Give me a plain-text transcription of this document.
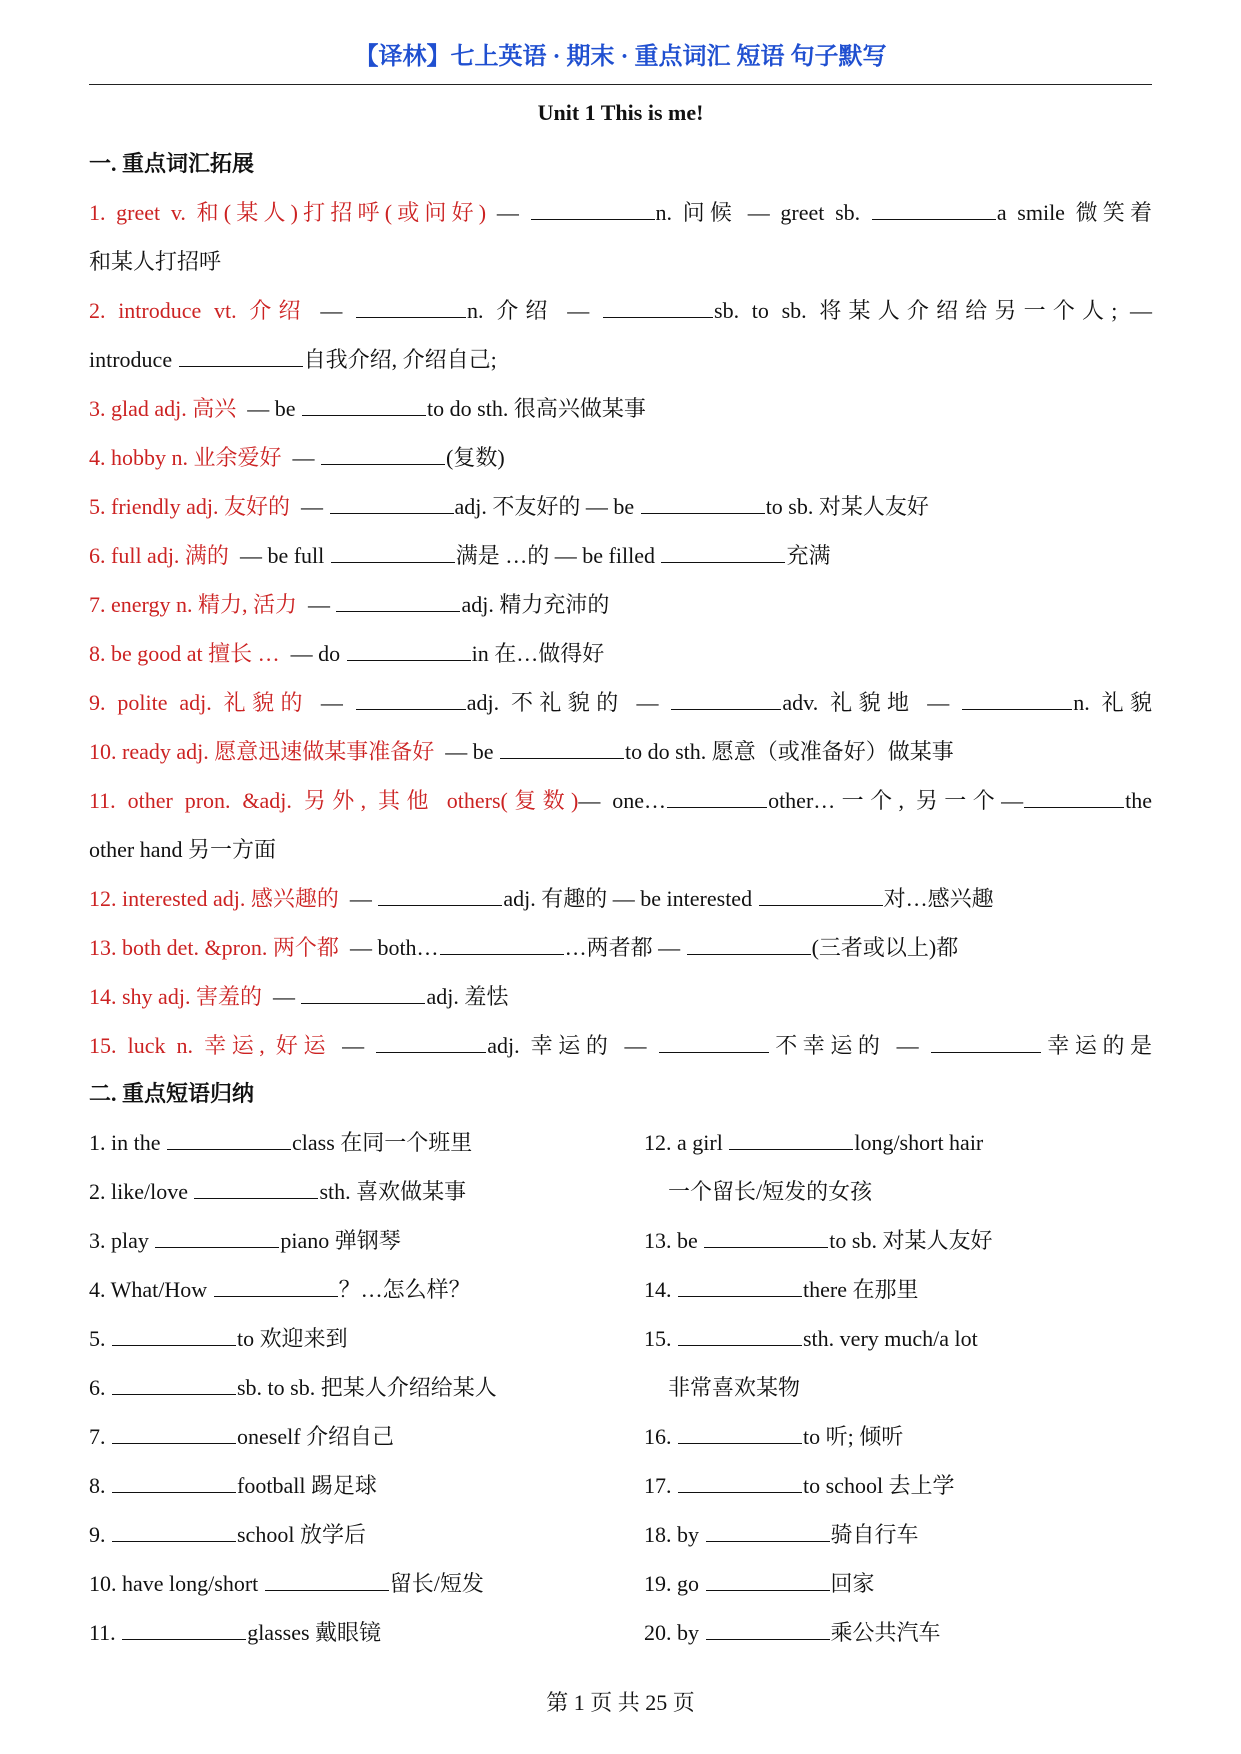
【译林】七上英语 · 期末 · 重点词汇 短语 句子默写
Unit 1 This is me!
一. 重点词汇拓展
1. greet v. 和(某人)打招呼(或问好) —	n. 问候 — greet sb.	a smile 微笑着
和某人打招呼
2. introduce vt. 介绍 —	n. 介绍 —	sb. to sb. 将某人介绍给另一个人; —
introduce	自我介绍, 介绍自己;
3. glad adj. 高兴 — be	to do sth. 很高兴做某事
4. hobby n. 业余爱好 —	(复数)
5. friendly adj. 友好的 —	adj. 不友好的 — be	to sb. 对某人友好
6. full adj. 满的 — be full	满是 …的 — be filled	充满
7. energy n. 精力, 活力 —	adj. 精力充沛的
8. be good at 擅长 … — do	in 在…做得好
9. polite adj. 礼貌的 —	adj. 不礼貌的 —	adv. 礼貌地 —	n. 礼貌
10. ready adj. 愿意迅速做某事准备好 — be	to do sth. 愿意（或准备好）做某事
11. other pron. &adj. 另外, 其他 others(复数)— one…	other…一个, 另一个—	the
other hand 另一方面
12. interested adj. 感兴趣的 —	adj. 有趣的 — be interested	对…感兴趣
13. both det. &pron. 两个都 — both…	…两者都 —	(三者或以上)都
14. shy adj. 害羞的 —	adj. 羞怯
15. luck n. 幸运, 好运 —	adj. 幸运的 —	不幸运的 —	幸运的是
二. 重点短语归纳
1. in the	class 在同一个班里
2. like/love	sth. 喜欢做某事
3. play	piano 弹钢琴
4. What/How	？…怎么样？
5.	to 欢迎来到
6.	sb. to sb. 把某人介绍给某人
7.	oneself 介绍自己
8.	football 踢足球
9.	school 放学后
10. have long/short	留长/短发
11.	glasses 戴眼镜
12. a girl	long/short hair
一个留长/短发的女孩
13. be	to sb. 对某人友好
14.	there 在那里
15.	sth. very much/a lot
非常喜欢某物
16.	to 听; 倾听
17.	to school 去上学
18. by	骑自行车
19. go	回家
20. by	乘公共汽车
第 1 页 共 25 页
